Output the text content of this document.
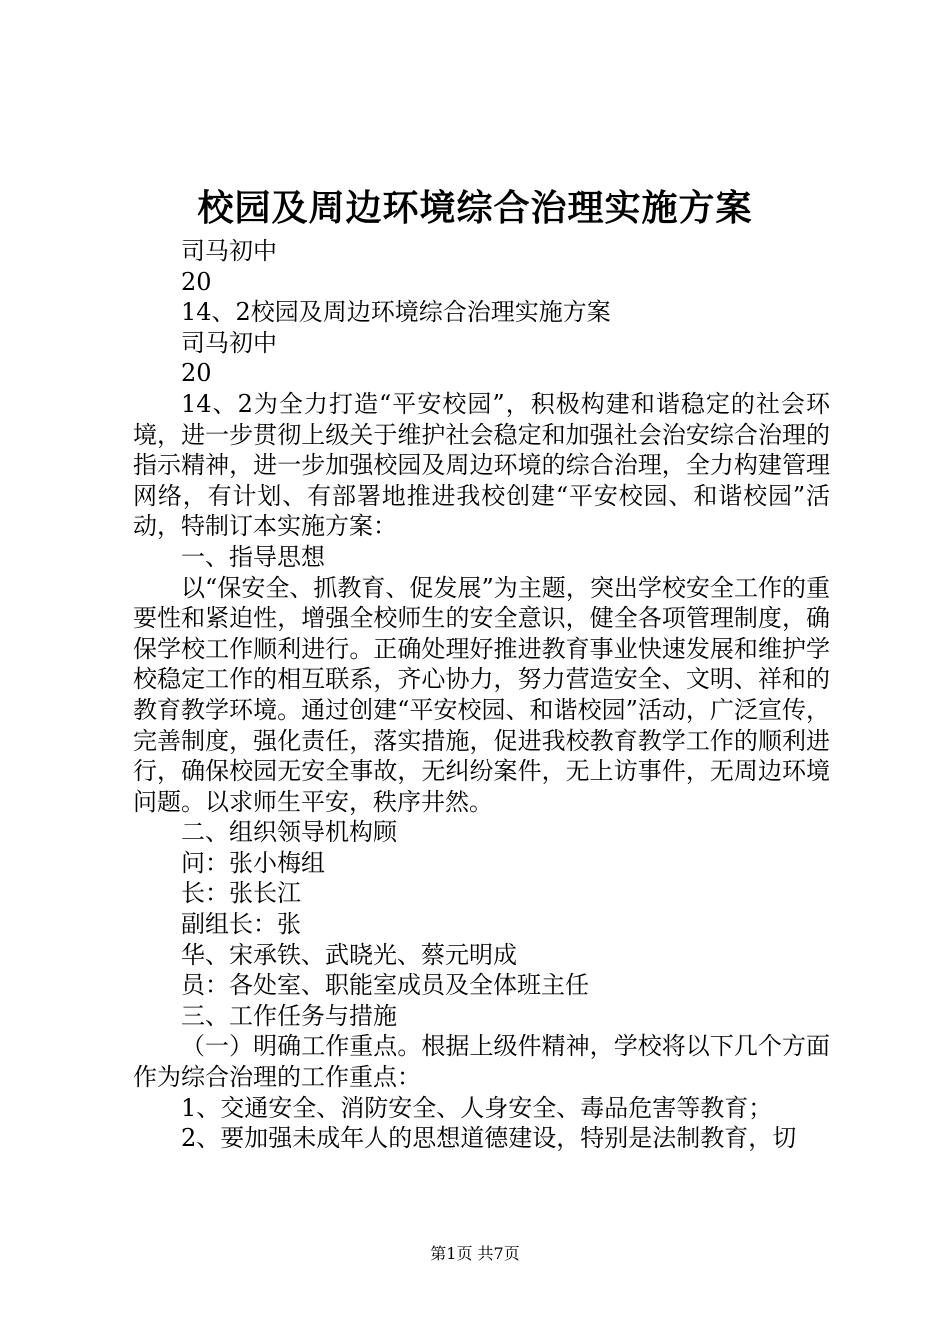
校园及周边环境综合治理实施方案

司马初中

20

14、2校园及周边环境综合治理实施方案

司马初中

20

14、2为全力打造“平安校园”，积极构建和谐稳定的社会环境，进一步贯彻上级关于维护社会稳定和加强社会治安综合治理的指示精神，进一步加强校园及周边环境的综合治理，全力构建管理网络，有计划、有部署地推进我校创建“平安校园、和谐校园”活动，特制订本实施方案：

一、指导思想

以“保安全、抓教育、促发展”为主题，突出学校安全工作的重要性和紧迫性，增强全校师生的安全意识，健全各项管理制度，确保学校工作顺利进行。正确处理好推进教育事业快速发展和维护学校稳定工作的相互联系，齐心协力，努力营造安全、文明、祥和的教育教学环境。通过创建“平安校园、和谐校园”活动，广泛宣传，完善制度，强化责任，落实措施，促进我校教育教学工作的顺利进行，确保校园无安全事故，无纠纷案件，无上访事件，无周边环境问题。以求师生平安，秩序井然。

二、组织领导机构顾

问：张小梅组

长：张长江

副组长：张

华、宋承铁、武晓光、蔡元明成

员：各处室、职能室成员及全体班主任

三、工作任务与措施

（一）明确工作重点。根据上级件精神，学校将以下几个方面作为综合治理的工作重点：

1、交通安全、消防安全、人身安全、毒品危害等教育；

2、要加强未成年人的思想道德建设，特别是法制教育，切

第1页 共7页
